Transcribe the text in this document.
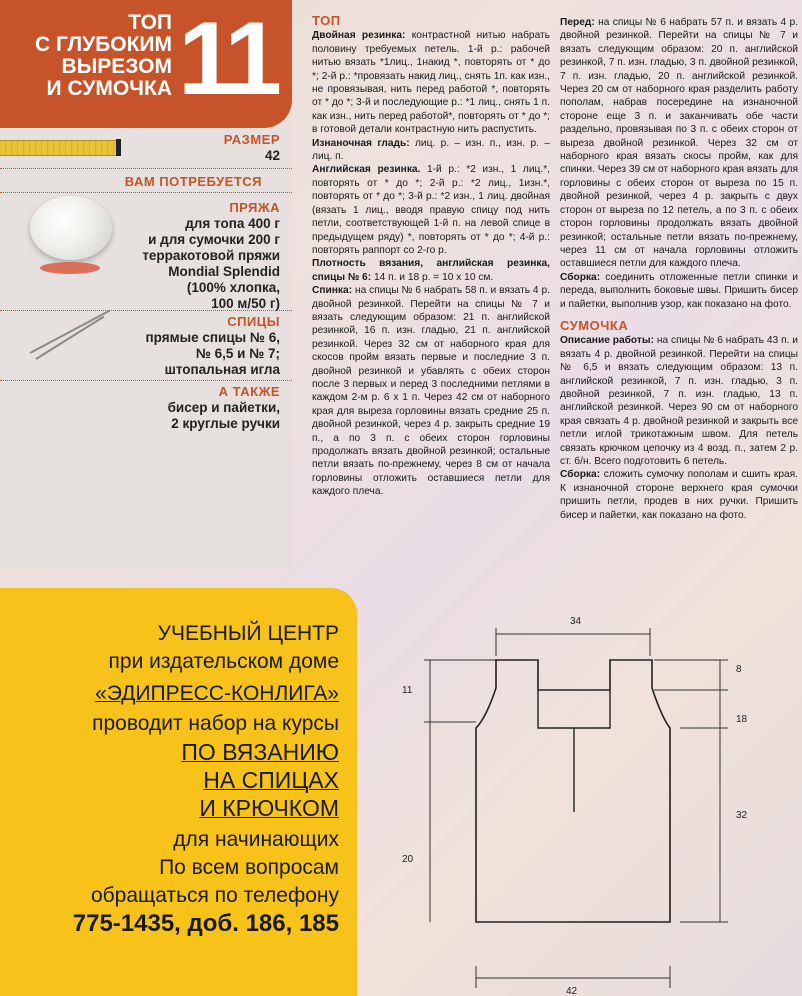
ТОП
С ГЛУБОКИМ
ВЫРЕЗОМ
И СУМОЧКА 11
РАЗМЕР
42
ВАМ ПОТРЕБУЕТСЯ
ПРЯЖА
для топа 400 г
и для сумочки 200 г
терракотовой пряжи
Mondial Splendid
(100% хлопка,
100 м/50 г)
СПИЦЫ
прямые спицы № 6,
№ 6,5 и № 7;
штопальная игла
А ТАКЖЕ
бисер и пайетки,
2 круглые ручки
ТОП

Двойная резинка: контрастной нитью набрать половину требуемых петель. 1-й р.: рабочей нитью вязать *1лиц., 1накид *, повторять от * до *; 2-й р.: *провязать накид лиц., снять 1п. как изн., не провязывая, нить перед работой *, повторять от * до *; 3-й и последующие р.: *1 лиц., снять 1 п. как изн., нить перед работой*, повторять от * до *; в готовой детали контрастную нить распустить.

Изнаночная гладь: лиц. р. – изн. п., изн. р. – лиц. п.

Английская резинка. 1-й р.: *2 изн., 1 лиц.*, повторять от * до *; 2-й р.: *2 лиц., 1изн.*, повторять от * до *; 3-й р.: *2 изн., 1 лиц. двойная (вязать 1 лиц., вводя правую спицу под нить петли, соответствующей 1-й п. на левой спице в предыдущем ряду) *, повторять от * до *; 4-й р.: повторять раппорт со 2-го р.

Плотность вязания, английская резинка, спицы № 6: 14 п. и 18 р. = 10 х 10 см.

Спинка: на спицы № 6 набрать 58 п. и вязать 4 р. двойной резинкой. Перейти на спицы № 7 и вязать следующим образом: 21 п. английской резинкой, 16 п. изн. гладью, 21 п. английской резинкой. Через 32 см от наборного края для скосов пройм вязать первые и последние 3 п. двойной резинкой и убавлять с обеих сторон после 3 первых и перед 3 последними петлями в каждом 2-м р. 6 х 1 п. Через 42 см от наборного края для выреза горловины вязать средние 25 п. двойной резинкой, через 4 р. закрыть средние 19 п., а по 3 п. с обеих сторон горловины продолжать вязать двойной резинкой; остальные петли вязать по-прежнему, через 8 см от начала горловины отложить оставшиеся петли для каждого плеча.

Перед: на спицы № 6 набрать 57 п. и вязать 4 р. двойной резинкой. Перейти на спицы № 7 и вязать следующим образом: 20 п. английской резинкой, 7 п. изн. гладью, 3 п. двойной резинкой, 7 п. изн. гладью, 20 п. английской резинкой. Через 20 см от наборного края разделить работу пополам, набрав посередине на изнаночной стороне еще 3 п. и заканчивать обе части раздельно, провязывая по 3 п. с обеих сторон от выреза двойной резинкой. Через 32 см от наборного края вязать скосы пройм, как для спинки. Через 39 см от наборного края вязать для горловины с обеих сторон от выреза по 15 п. двойной резинкой, через 4 р. закрыть с двух сторон от выреза по 12 петель, а по 3 п. с обеих сторон горловины продолжать вязать двойной резинкой; остальные петли вязать по-прежнему, через 11 см от начала горловины отложить оставшиеся петли для каждого плеча.

Сборка: соединить отложенные петли спинки и переда, выполнить боковые швы. Пришить бисер и пайетки, выполнив узор, как показано на фото.

СУМОЧКА

Описание работы: на спицы № 6 набрать 43 п. и вязать 4 р. двойной резинкой. Перейти на спицы № 6,5 и вязать следующим образом: 13 п. английской резинкой, 7 п. изн. гладью, 3 п. двойной резинкой, 7 п. изн. гладью, 13 п. английской резинкой. Через 90 см от наборного края связать 4 р. двойной резинкой и закрыть все петли иглой трикотажным швом. Для петель связать крючком цепочку из 4 возд. п., затем 2 р. ст. б/н. Всего подготовить 6 петель.

Сборка: сложить сумочку пополам и сшить края. К изнаночной стороне верхнего края сумочки пришить петли, продев в них ручки. Пришить бисер и пайетки, как показано на фото.

УЧЕБНЫЙ ЦЕНТР
при издательском доме
«ЭДИПРЕСС-КОНЛИГА»
проводит набор на курсы
ПО ВЯЗАНИЮ
НА СПИЦАХ
И КРЮЧКОМ
для начинающих
По всем вопросам
обращаться по телефону
775-1435, доб. 186, 185
34
42
11
20
8
18
32
